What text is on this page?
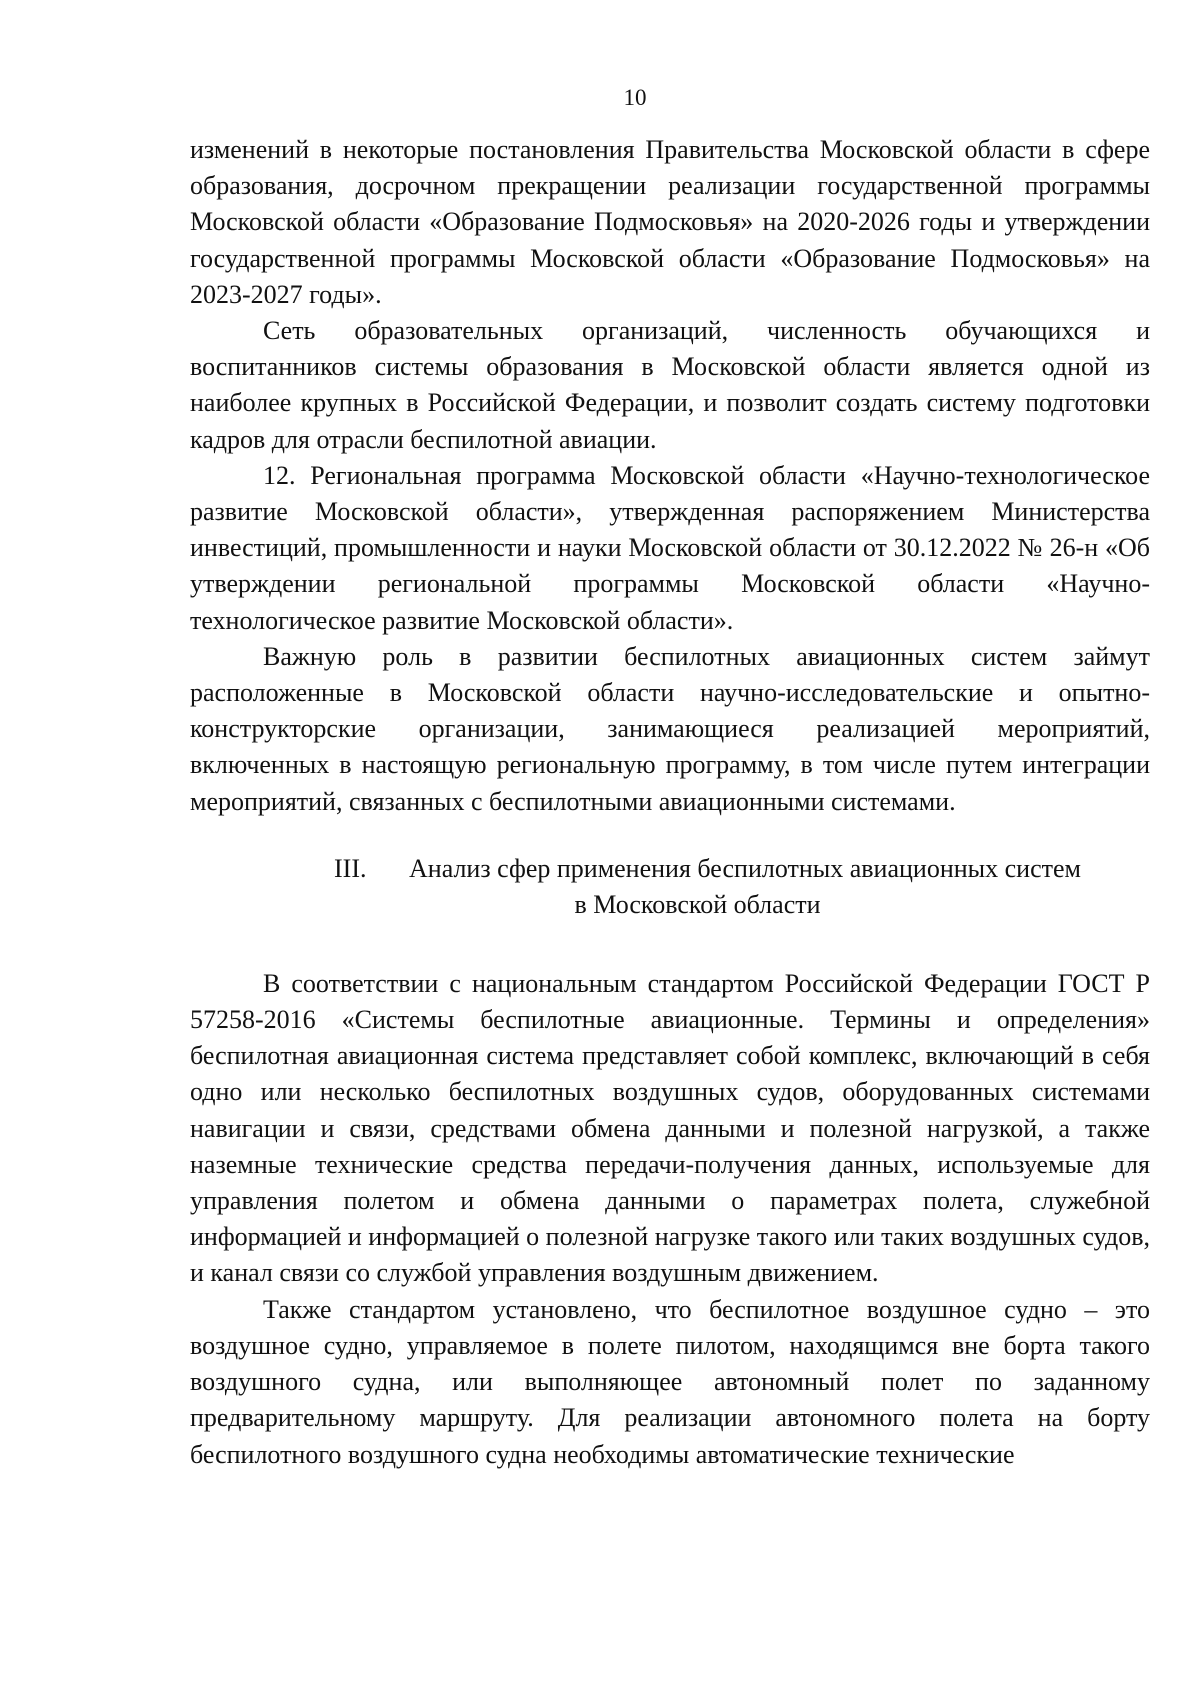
10

изменений в некоторые постановления Правительства Московской области в сфере образования, досрочном прекращении реализации государственной программы Московской области «Образование Подмосковья» на 2020-2026 годы и утверждении государственной программы Московской области «Образование Подмосковья» на 2023-2027 годы».

Сеть образовательных организаций, численность обучающихся и воспитанников системы образования в Московской области является одной из наиболее крупных в Российской Федерации, и позволит создать систему подготовки кадров для отрасли беспилотной авиации.

12. Региональная программа Московской области «Научно-технологическое развитие Московской области», утвержденная распоряжением Министерства инвестиций, промышленности и науки Московской области от 30.12.2022 № 26-н «Об утверждении региональной программы Московской области «Научно-технологическое развитие Московской области».

Важную роль в развитии беспилотных авиационных систем займут расположенные в Московской области научно-исследовательские и опытно-конструкторские организации, занимающиеся реализацией мероприятий, включенных в настоящую региональную программу, в том числе путем интеграции мероприятий, связанных с беспилотными авиационными системами.

III. Анализ сфер применения беспилотных авиационных систем
в Московской области

В соответствии с национальным стандартом Российской Федерации ГОСТ Р 57258-2016 «Системы беспилотные авиационные. Термины и определения» беспилотная авиационная система представляет собой комплекс, включающий в себя одно или несколько беспилотных воздушных судов, оборудованных системами навигации и связи, средствами обмена данными и полезной нагрузкой, а также наземные технические средства передачи-получения данных, используемые для управления полетом и обмена данными о параметрах полета, служебной информацией и информацией о полезной нагрузке такого или таких воздушных судов, и канал связи со службой управления воздушным движением.

Также стандартом установлено, что беспилотное воздушное судно – это воздушное судно, управляемое в полете пилотом, находящимся вне борта такого воздушного судна, или выполняющее автономный полет по заданному предварительному маршруту. Для реализации автономного полета на борту беспилотного воздушного судна необходимы автоматические технические
